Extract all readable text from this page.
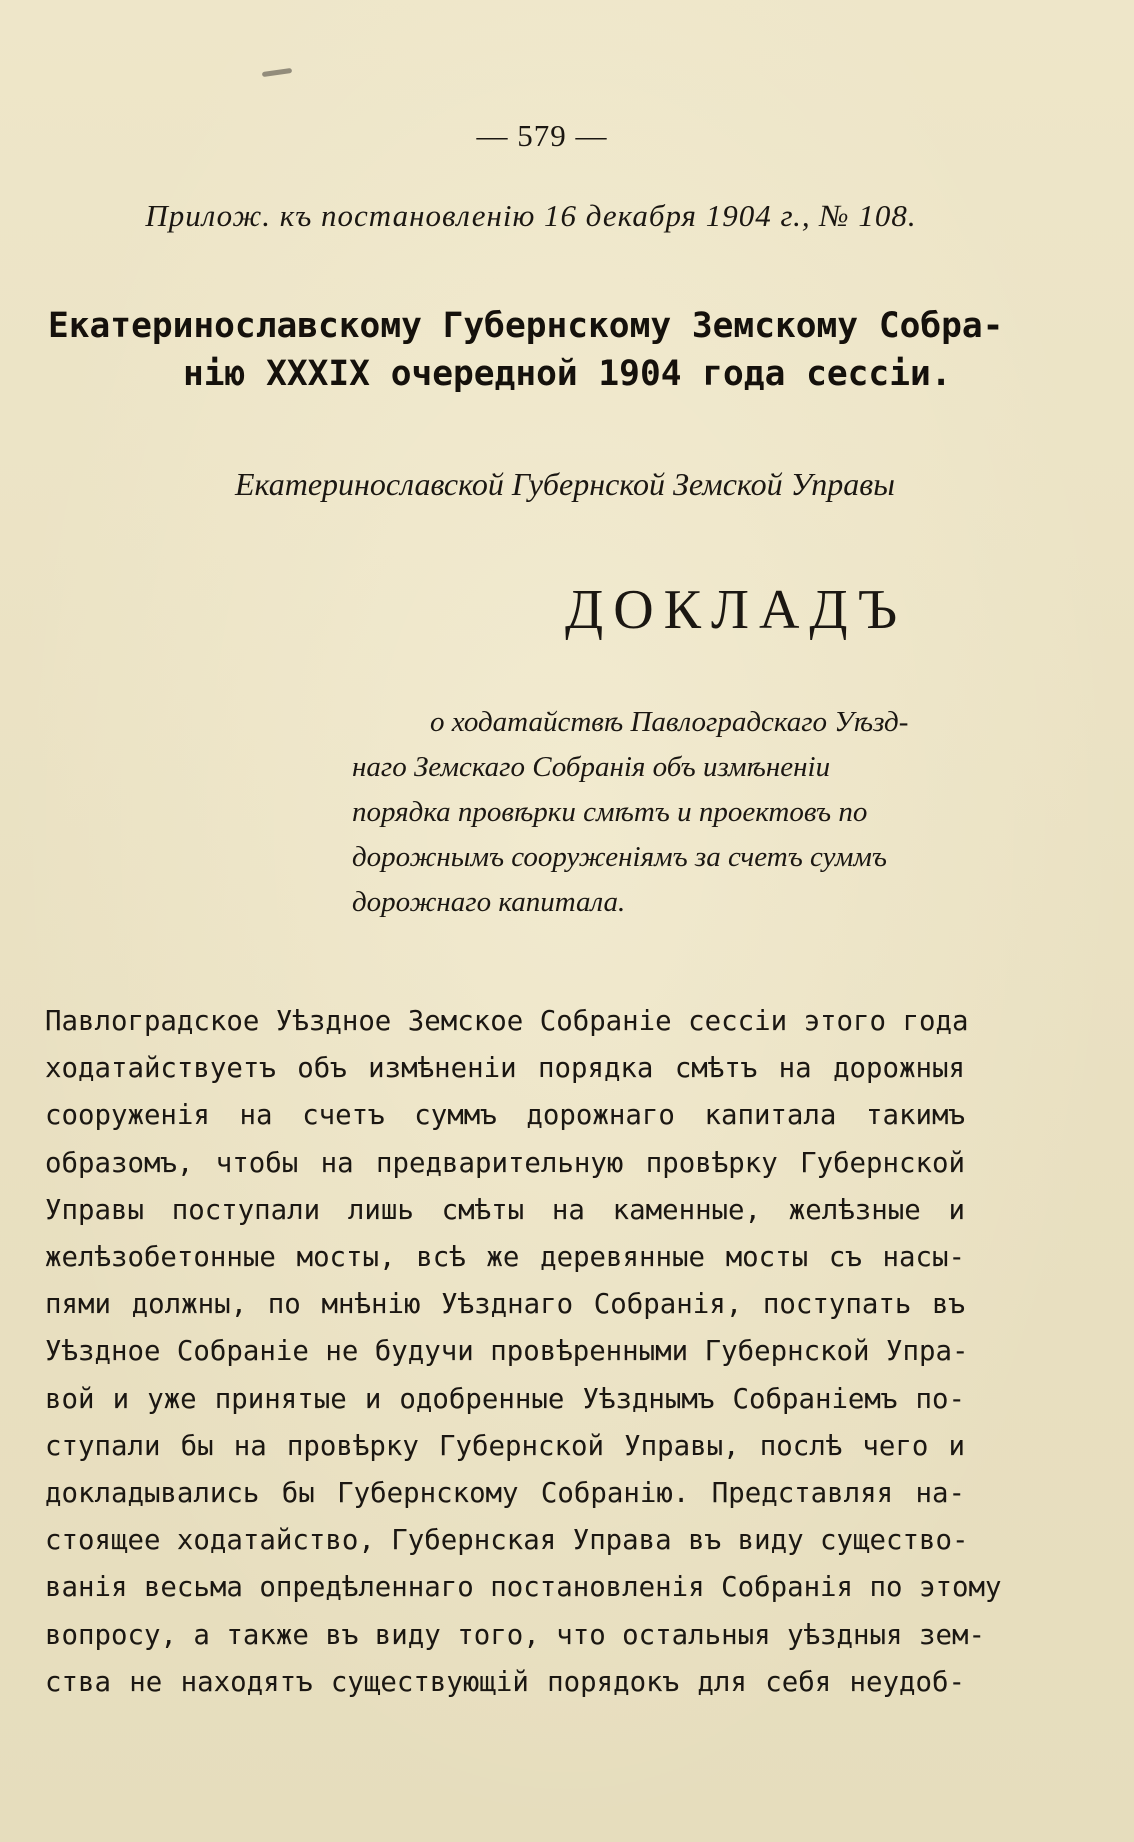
— 579 —
Прилож. къ постановленію 16 декабря 1904 г., № 108.
Екатеринославскому Губернскому Земскому Собра-
нію XXXIX очередной 1904 года сессіи.
Екатеринославской Губернской Земской Управы
ДОКЛАДЪ
о ходатайствѣ Павлоградскаго Уѣзд-
наго Земскаго Собранія объ измѣненіи
порядка провѣрки смѣтъ и проектовъ по
дорожнымъ сооруженіямъ за счетъ суммъ
дорожнаго капитала.
Павлоградское Уѣздное Земское Собраніе сессіи этого года
ходатайствуетъ объ измѣненіи порядка смѣтъ на дорожныя
сооруженія на счетъ суммъ дорожнаго капитала такимъ
образомъ, чтобы на предварительную провѣрку Губернской
Управы поступали лишь смѣты на каменные, желѣзные и
желѣзобетонные мосты, всѣ же деревянные мосты съ насы-
пями должны, по мнѣнію Уѣзднаго Собранія, поступать въ
Уѣздное Собраніе не будучи провѣренными Губернской Упра-
вой и уже принятые и одобренные Уѣзднымъ Собраніемъ по-
ступали бы на провѣрку Губернской Управы, послѣ чего и
докладывались бы Губернскому Собранію. Представляя на-
стоящее ходатайство, Губернская Управа въ виду существо-
ванія весьма опредѣленнаго постановленія Собранія по этому
вопросу, а также въ виду того, что остальныя уѣздныя зем-
ства не находятъ существующій порядокъ для себя неудоб-
